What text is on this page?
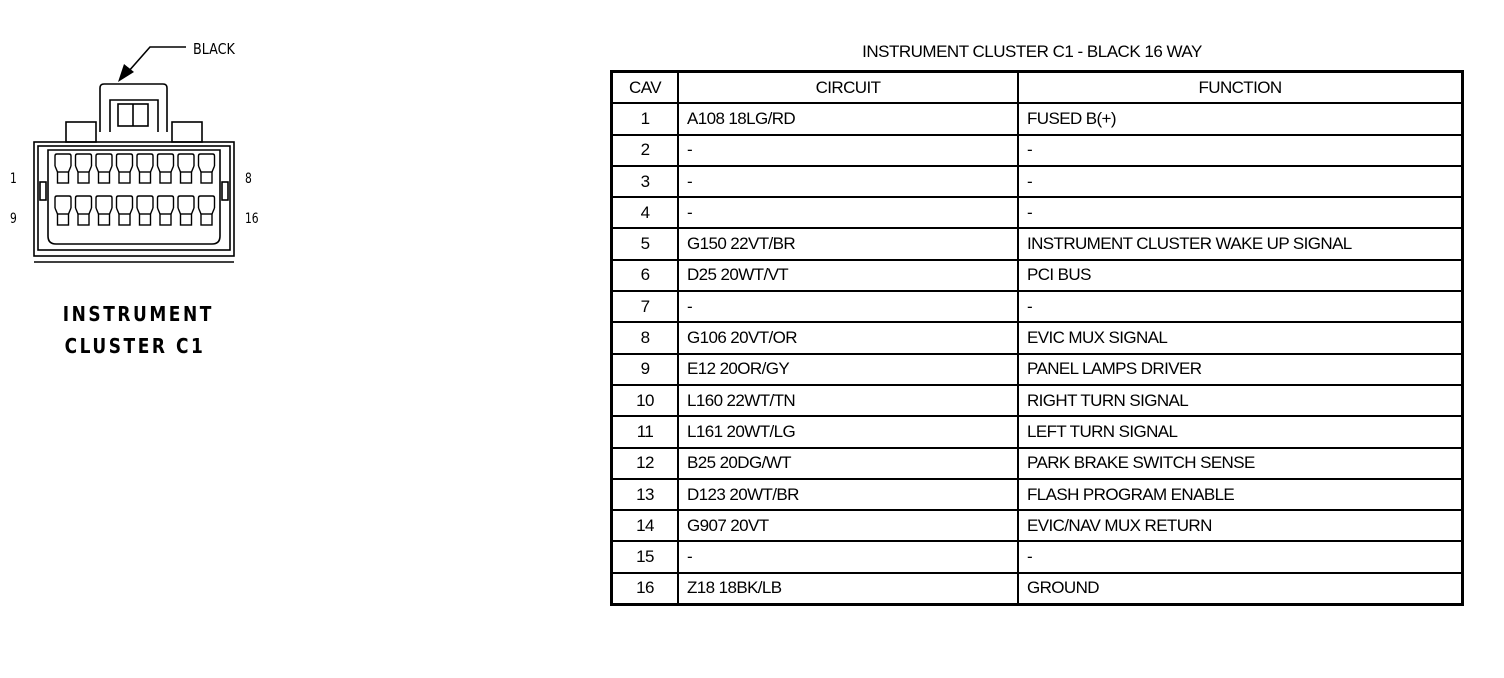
BLACK
1	8
9	16
INSTRUMENT
CLUSTER C1
INSTRUMENT CLUSTER C1 - BLACK 16 WAY
CAV	CIRCUIT	FUNCTION
1	A108 18LG/RD	FUSED B(+)
2	-	-
3	-	-
4	-	-
5	G150 22VT/BR	INSTRUMENT CLUSTER WAKE UP SIGNAL
6	D25 20WT/VT	PCI BUS
7	-	-
8	G106 20VT/OR	EVIC MUX SIGNAL
9	E12 20OR/GY	PANEL LAMPS DRIVER
10	L160 22WT/TN	RIGHT TURN SIGNAL
11	L161 20WT/LG	LEFT TURN SIGNAL
12	B25 20DG/WT	PARK BRAKE SWITCH SENSE
13	D123 20WT/BR	FLASH PROGRAM ENABLE
14	G907 20VT	EVIC/NAV MUX RETURN
15	-	-
16	Z18 18BK/LB	GROUND
